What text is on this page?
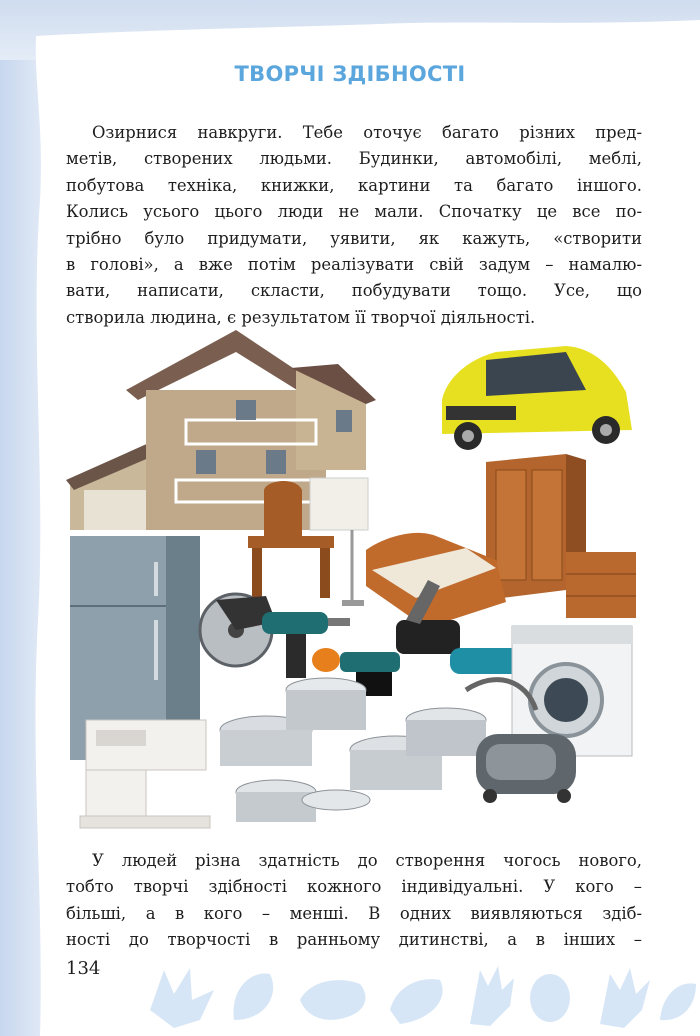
ТВОРЧІ ЗДІБНОСТІ
Озирнися навкруги. Тебе оточує багато різних пред-
метів, створених людьми. Будинки, автомобілі, меблі,
побутова техніка, книжки, картини та багато іншого.
Колись усього цього люди не мали. Спочатку це все по-
трібно було придумати, уявити, як кажуть, «створити
в голові», а вже потім реалізувати свій задум – намалю-
вати, написати, скласти, побудувати тощо. Усе, що
створила людина, є результатом її творчої діяльності.
У людей різна здатність до створення чогось нового,
тобто творчі здібності кожного індивідуальні. У кого –
більші, а в кого – менші. В одних виявляються здіб-
ності до творчості в ранньому дитинстві, а в інших –
134
